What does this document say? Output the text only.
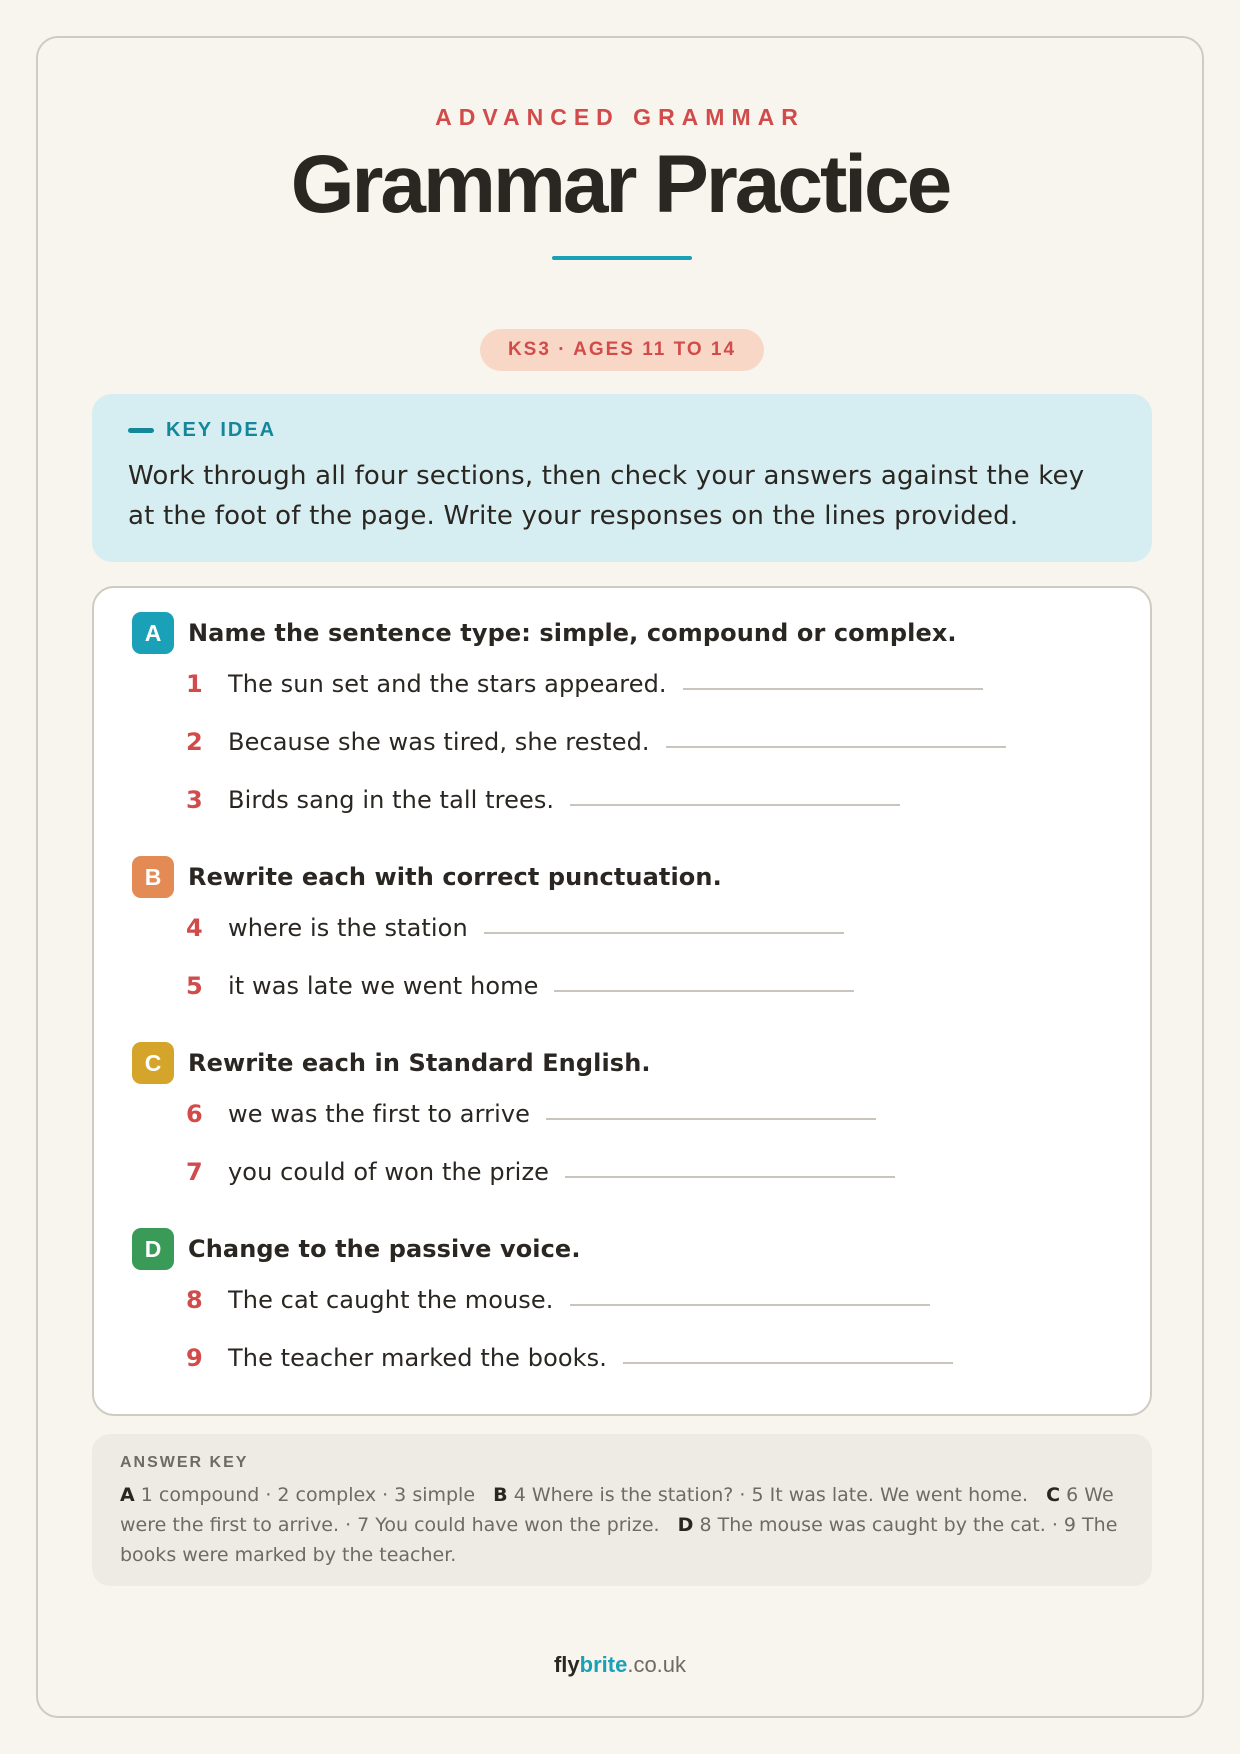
ADVANCED GRAMMAR
Grammar Practice
KS3 · AGES 11 TO 14
KEY IDEA
Work through all four sections, then check your answers against the key at the foot of the page. Write your responses on the lines provided.
A	Name the sentence type: simple, compound or complex.
1	The sun set and the stars appeared.
2	Because she was tired, she rested.
3	Birds sang in the tall trees.
B	Rewrite each with correct punctuation.
4	where is the station
5	it was late we went home
C	Rewrite each in Standard English.
6	we was the first to arrive
7	you could of won the prize
D	Change to the passive voice.
8	The cat caught the mouse.
9	The teacher marked the books.
ANSWER KEY
A 1 compound · 2 complex · 3 simple B 4 Where is the station? · 5 It was late. We went home. C 6 We were the first to arrive. · 7 You could have won the prize. D 8 The mouse was caught by the cat. · 9 The books were marked by the teacher.
flybrite.co.uk
